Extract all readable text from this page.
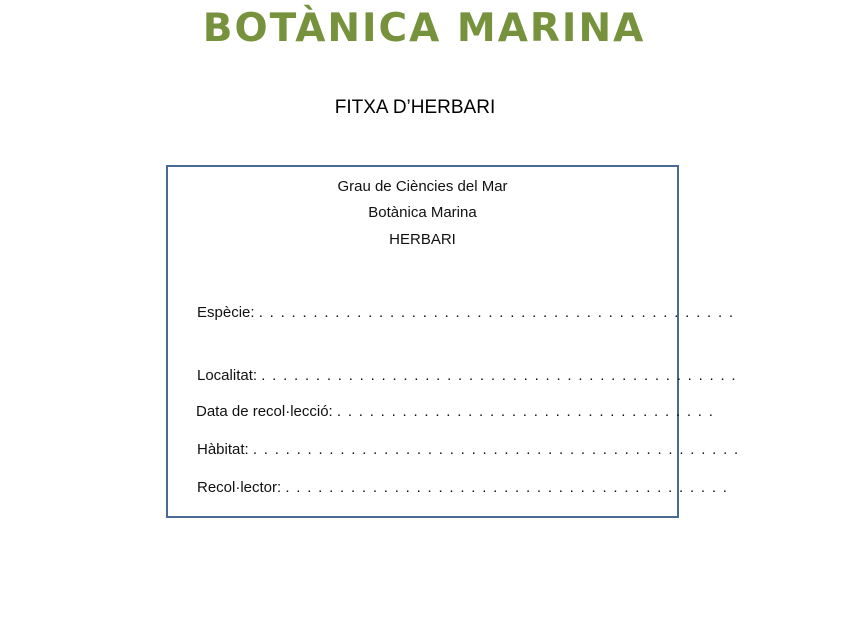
BOTÀNICA MARINA
FITXA D’HERBARI
Grau de Ciències del Mar
Botànica Marina
HERBARI
Espècie: . . . . . . . . . . . . . . . . . . . . . . . . . . . . . . . . . . . . . . . . . . . .
Localitat: . . . . . . . . . . . . . . . . . . . . . . . . . . . . . . . . . . . . . . . . . . . .
Data de recol·lecció: . . . . . . . . . . . . . . . . . . . . . . . . . . . . . . . . . . .
Hàbitat: . . . . . . . . . . . . . . . . . . . . . . . . . . . . . . . . . . . . . . . . . . . . .
Recol·lector: . . . . . . . . . . . . . . . . . . . . . . . . . . . . . . . . . . . . . . . . .
